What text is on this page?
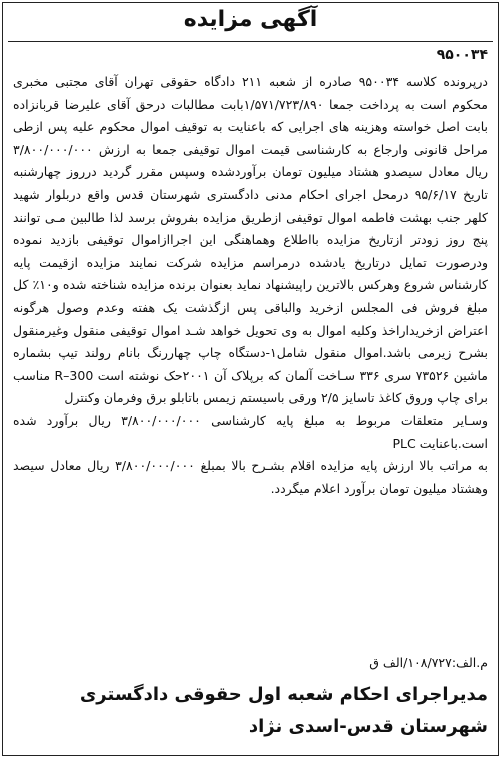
آگهی مزایده
۹۵۰۰۳۴

درپرونده کلاسه ۹۵۰۰۳۴ صادره از شعبه ۲۱۱ دادگاه حقوقی تهران آقای مجتبی مخبری محکوم است به پرداخت جمعا ۱/۵۷۱/۷۲۳/۸۹۰بابت مطالبات درحق آقای علیرضا قربانزاده بابت اصل خواسته وهزینه های اجرایی که باعنایت به توقیف اموال محکوم علیه پس ازطی مراحل قانونی وارجاع به کارشناسی قیمت اموال توقیفی جمعا به ارزش ۳/۸۰۰/۰۰۰/۰۰۰ ریال معادل سیصدو هشتاد میلیون تومان برآوردشده وسپس مقرر گردید درروز چهارشنبه تاریخ ۹۵/۶/۱۷ درمحل اجرای احکام مدنی دادگستری شهرستان قدس واقع دربلوار شهید کلهر جنب بهشت فاطمه اموال توقیفی ازطریق مزایده بفروش برسد لذا طالبین مـی توانند پنج روز زودتر ازتاریخ مزایده بااطلاع وهماهنگی این اجراازاموال توقیفی بازدید نموده ودرصورت تمایل درتاریخ یادشده درمراسم مزایده شرکت نمایند مزایده ازقیمت پایه کارشناس شروع وهرکس بالاترین راپیشنهاد نماید بعنوان برنده مزایده شناخته شده و۱۰٪ کل مبلغ فروش فی المجلس ازخرید والباقی پس ازگذشت یک هفته وعدم وصول هرگونه اعتراض ازخریداراخذ وکلیه اموال به وی تحویل خواهد شـد اموال توقیفی منقول وغیرمنقول بشرح زیرمی باشد.اموال منقول شامل۱-دستگاه چاپ چهاررنگ بانام رولند تیپ بشماره ماشین ۷۳۵۲۶ سری ۳۳۶ سـاخت آلمان که برپلاک آن ۲۰۰۱حک نوشته است R–300 مناسب برای چاپ وروق کاغذ تاسایز ۲/۵ ورقی باسیستم زیمس باتابلو برق وفرمان وکنترل

وسـایر متعلقات مربوط به مبلغ پایه کارشناسی ۳/۸۰۰/۰۰۰/۰۰۰ ریال برآورد شده است.باعنایت PLC

به مراتب بالا ارزش پایه مزایده اقلام بشـرح بالا بمبلغ ۳/۸۰۰/۰۰۰/۰۰۰ ریال معادل سیصد وهشتاد میلیون تومان برآورد اعلام میگردد.

م.الف:۱۰۸/۷۲۷/الف ق
مدیراجرای احکام شعبه اول حقوقی دادگستری
شهرستان قدس-اسدی نژاد
